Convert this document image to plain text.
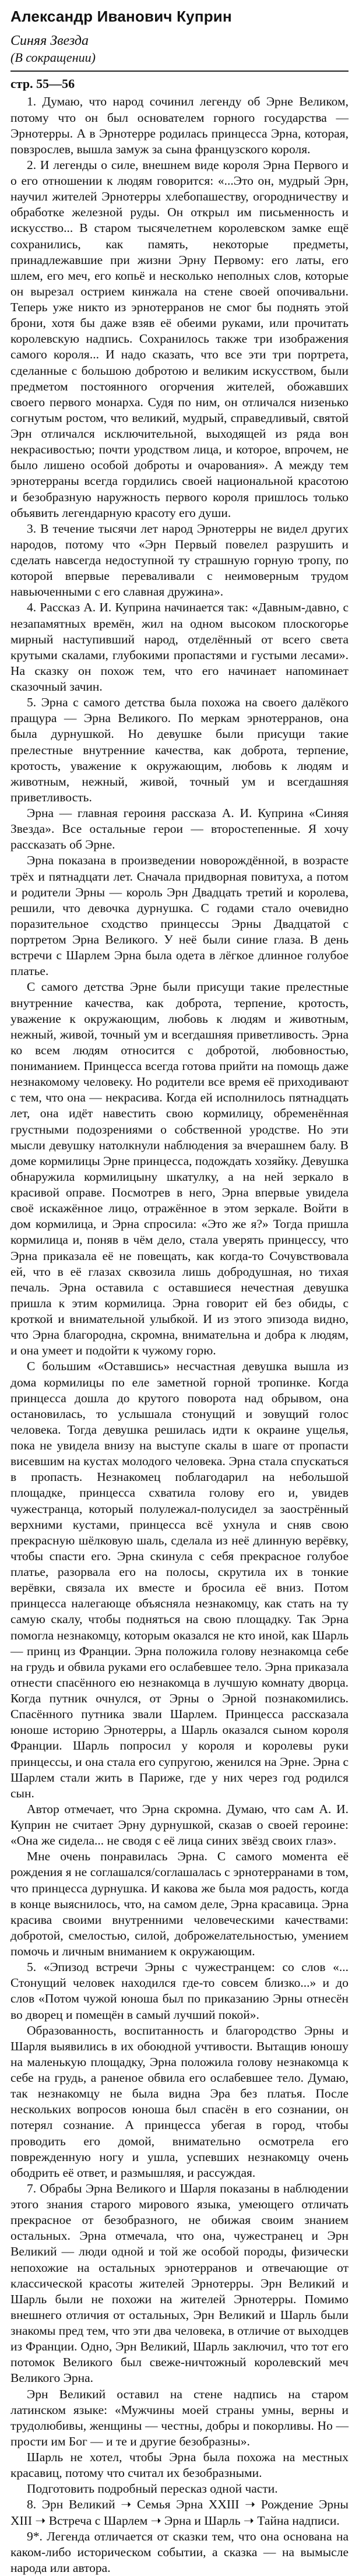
Александр Иванович Куприн

Синяя Звезда

(В сокращении)

стр. 55—56

1. Думаю, что народ сочинил легенду об Эрне Великом, потому что он был основателем горного государства — Эрнотерры. А в Эрнотерре родилась принцесса Эрна, которая, повзрослев, вышла замуж за сына французского короля.

2. И легенды о силе, внешнем виде короля Эрна Первого и о его отношении к людям говорится: «...Это он, мудрый Эрн, научил жителей Эрнотерры хлебопашеству, огородничеству и обработке железной руды. Он открыл им письменность и искусство... В старом тысячелетнем королевском замке ещё сохранились, как память, некоторые предметы, принадлежавшие при жизни Эрну Первому: его латы, его шлем, его меч, его копьё и несколько неполных слов, которые он вырезал острием кинжала на стене своей опочивальни. Теперь уже никто из эрнотерранов не смог бы поднять этой брони, хотя бы даже взяв её обеими руками, или прочитать королевскую надпись. Сохранилось также три изображения самого короля... И надо сказать, что все эти три портрета, сделанные с большою добротою и великим искусством, были предметом постоянного огорчения жителей, обожавших своего первого монарха. Судя по ним, он отличался низенько согнутым ростом, что великий, мудрый, справедливый, святой Эрн отличался исключительной, выходящей из ряда вон некрасивостью; почти уродством лица, и которое, впрочем, не было лишено особой доброты и очарования». А между тем эрнотерраны всегда гордились своей национальной красотою и безобразную наружность первого короля пришлось только объявить легендарную красоту его души.

3. В течение тысячи лет народ Эрнотерры не видел других народов, потому что «Эрн Первый повелел разрушить и сделать навсегда недоступной ту страшную горную тропу, по которой впервые переваливали с неимоверным трудом навьюченными с его славная дружина».

4. Рассказ А. И. Куприна начинается так: «Давным-давно, с незапамятных времён, жил на одном высоком плоскогорье мирный наступивший народ, отделённый от всего света крутыми скалами, глубокими пропастями и густыми лесами». На сказку он похож тем, что его начинает напоминает сказочный зачин.

5. Эрна с самого детства была похожа на своего далёкого пращура — Эрна Великого. По меркам эрнотерранов, она была дурнушкой. Но девушке были присущи такие прелестные внутренние качества, как доброта, терпение, кротость, уважение к окружающим, любовь к людям и животным, нежный, живой, точный ум и всегдашняя приветливость.

Эрна — главная героиня рассказа А. И. Куприна «Синяя Звезда». Все остальные герои — второстепенные. Я хочу рассказать об Эрне.

Эрна показана в произведении новорождённой, в возрасте трёх и пятнадцати лет. Сначала придворная повитуха, а потом и родители Эрны — король Эрн Двадцать третий и королева, решили, что девочка дурнушка. С годами стало очевидно поразительное сходство принцессы Эрны Двадцатой с портретом Эрна Великого. У неё были синие глаза. В день встречи с Шарлем Эрна была одета в лёгкое длинное голубое платье.

С самого детства Эрне были присущи такие прелестные внутренние качества, как доброта, терпение, кротость, уважение к окружающим, любовь к людям и животным, нежный, живой, точный ум и всегдашняя приветливость. Эрна ко всем людям относится с добротой, любовностью, пониманием. Принцесса всегда готова прийти на помощь даже незнакомому человеку. Но родители все время её приходивают с тем, что она — некрасива. Когда ей исполнилось пятнадцать лет, она идёт навестить свою кормилицу, обременённая грустными подозрениями о собственной уродстве. Но эти мысли девушку натолкнули наблюдения за вчерашнем балу. В доме кормилицы Эрне принцесса, подождать хозяйку. Девушка обнаружила кормилицыну шкатулку, а на ней зеркало в красивой оправе. Посмотрев в него, Эрна впервые увидела своё искажённое лицо, отражённое в этом зеркале. Войти в дом кормилица, и Эрна спросила: «Это же я?» Тогда пришла кормилица и, поняв в чём дело, стала уверять принцессу, что Эрна приказала её не повещать, как когда-то Сочувствовала ей, что в её глазах сквозила лишь добродушная, но тихая печаль. Эрна оставила с оставшиеся нечестная девушка пришла к этим кормилица. Эрна говорит ей без обиды, с кроткой и внимательной улыбкой. И из этого эпизода видно, что Эрна благородна, скромна, внимательна и добра к людям, и она умеет и подойти к чужому горю.

С большим «Оставшись» несчастная девушка вышла из дома кормилицы по еле заметной горной тропинке. Когда принцесса дошла до крутого поворота над обрывом, она остановилась, то услышала стонущий и зовущий голос человека. Тогда девушка решилась идти к окраине ущелья, пока не увидела внизу на выступе скалы в шаге от пропасти висевшим на кустах молодого человека. Эрна стала спускаться в пропасть. Незнакомец поблагодарил на небольшой площадке, принцесса схватила голову его и, увидев чужестранца, который полулежал-полусидел за заострённый верхними кустами, принцесса всё ухнула и сняв свою прекрасную шёлковую шаль, сделала из неё длинную верёвку, чтобы спасти его. Эрна скинула с себя прекрасное голубое платье, разорвала его на полосы, скрутила их в тонкие верёвки, связала их вместе и бросила её вниз. Потом принцесса налегающе объясняла незнакомцу, как стать на ту самую скалу, чтобы подняться на свою площадку. Так Эрна помогла незнакомцу, которым оказался не кто иной, как Шарль — принц из Франции. Эрна положила голову незнакомца себе на грудь и обвила руками его ослабевшее тело. Эрна приказала отнести спасённого ею незнакомца в лучшую комнату дворца. Когда путник очнулся, от Эрны о Эрной познакомились. Спасённого путника звали Шарлем. Принцесса рассказала юноше историю Эрнотерры, а Шарль оказался сыном короля Франции. Шарль попросил у короля и королевы руки принцессы, и она стала его супругою, женился на Эрне. Эрна с Шарлем стали жить в Париже, где у них через год родился сын.

Автор отмечает, что Эрна скромна. Думаю, что сам А. И. Куприн не считает Эрну дурнушкой, сказав о своей героине: «Она же сидела... не сводя с её лица синих звёзд своих глаз».

Мне очень понравилась Эрна. С самого момента её рождения я не соглашался/соглашалась с эрнотерранами в том, что принцесса дурнушка. И какова же была моя радость, когда в конце выяснилось, что, на самом деле, Эрна красавица. Эрна красива своими внутренними человеческими качествами: добротой, смелостью, силой, доброжелательностью, умением помочь и личным вниманием к окружающим.

5. «Эпизод встречи Эрны с чужестранцем: со слов «... Стонущий человек находился где-то совсем близко...» и до слов «Потом чужой юноша был по приказанию Эрны отнесён во дворец и помещён в самый лучший покой».

Образованность, воспитанность и благородство Эрны и Шарля выявились в их обоюдной учтивости. Вытащив юношу на маленькую площадку, Эрна положила голову незнакомца к себе на грудь, а раненое обвила его ослабевшее тело. Думаю, так незнакомцу не была видна Эра без платья. После нескольких вопросов юноша был спасён в его сознании, он потерял сознание. А принцесса убегая в город, чтобы проводить его домой, внимательно осмотрела его поврежденную ногу и ушла, успевших незнакомцу очень ободрить её ответ, и размышляя, и рассуждая.

7. Обрабы Эрна Великого и Шарля показаны в наблюдении этого знания старого мирового языка, умеющего отличать прекрасное от безобразного, не обижая своим знанием остальных. Эрна отмечала, что она, чужестранец и Эрн Великий — люди одной и той же особой породы, физически непохожие на остальных эрнотерранов и отвечающие от классической красоты жителей Эрнотерры. Эрн Великий и Шарль были не похожи на жителей Эрнотерры. Помимо внешнего отличия от остальных, Эрн Великий и Шарль были знакомы пред тем, что эти два человека, в отличие от выходцев из Франции. Одно, Эрн Великий, Шарль заключил, что тот его потомок Великого был свеже-ничтожный королевский меч Великого Эрна.

Эрн Великий оставил на стене надпись на старом латинском языке: «Мужчины моей страны умны, верны и трудолюбивы, женщины — честны, добры и покорливы. Но — прости им Бог — и те и другие безобразны».

Шарль не хотел, чтобы Эрна была похожа на местных красавиц, потому что считал их безобразными.

Подготовить подробный пересказ одной части.

8. Эрн Великий ➝ Семья Эрна XXIII ➝ Рождение Эрны XIII ➝ Встреча с Шарлем ➝ Эрна и Шарль ➝ Тайна надписи.

9*. Легенда отличается от сказки тем, что она основана на каком-либо историческом событии, а сказка — на вымысле народа или автора.
